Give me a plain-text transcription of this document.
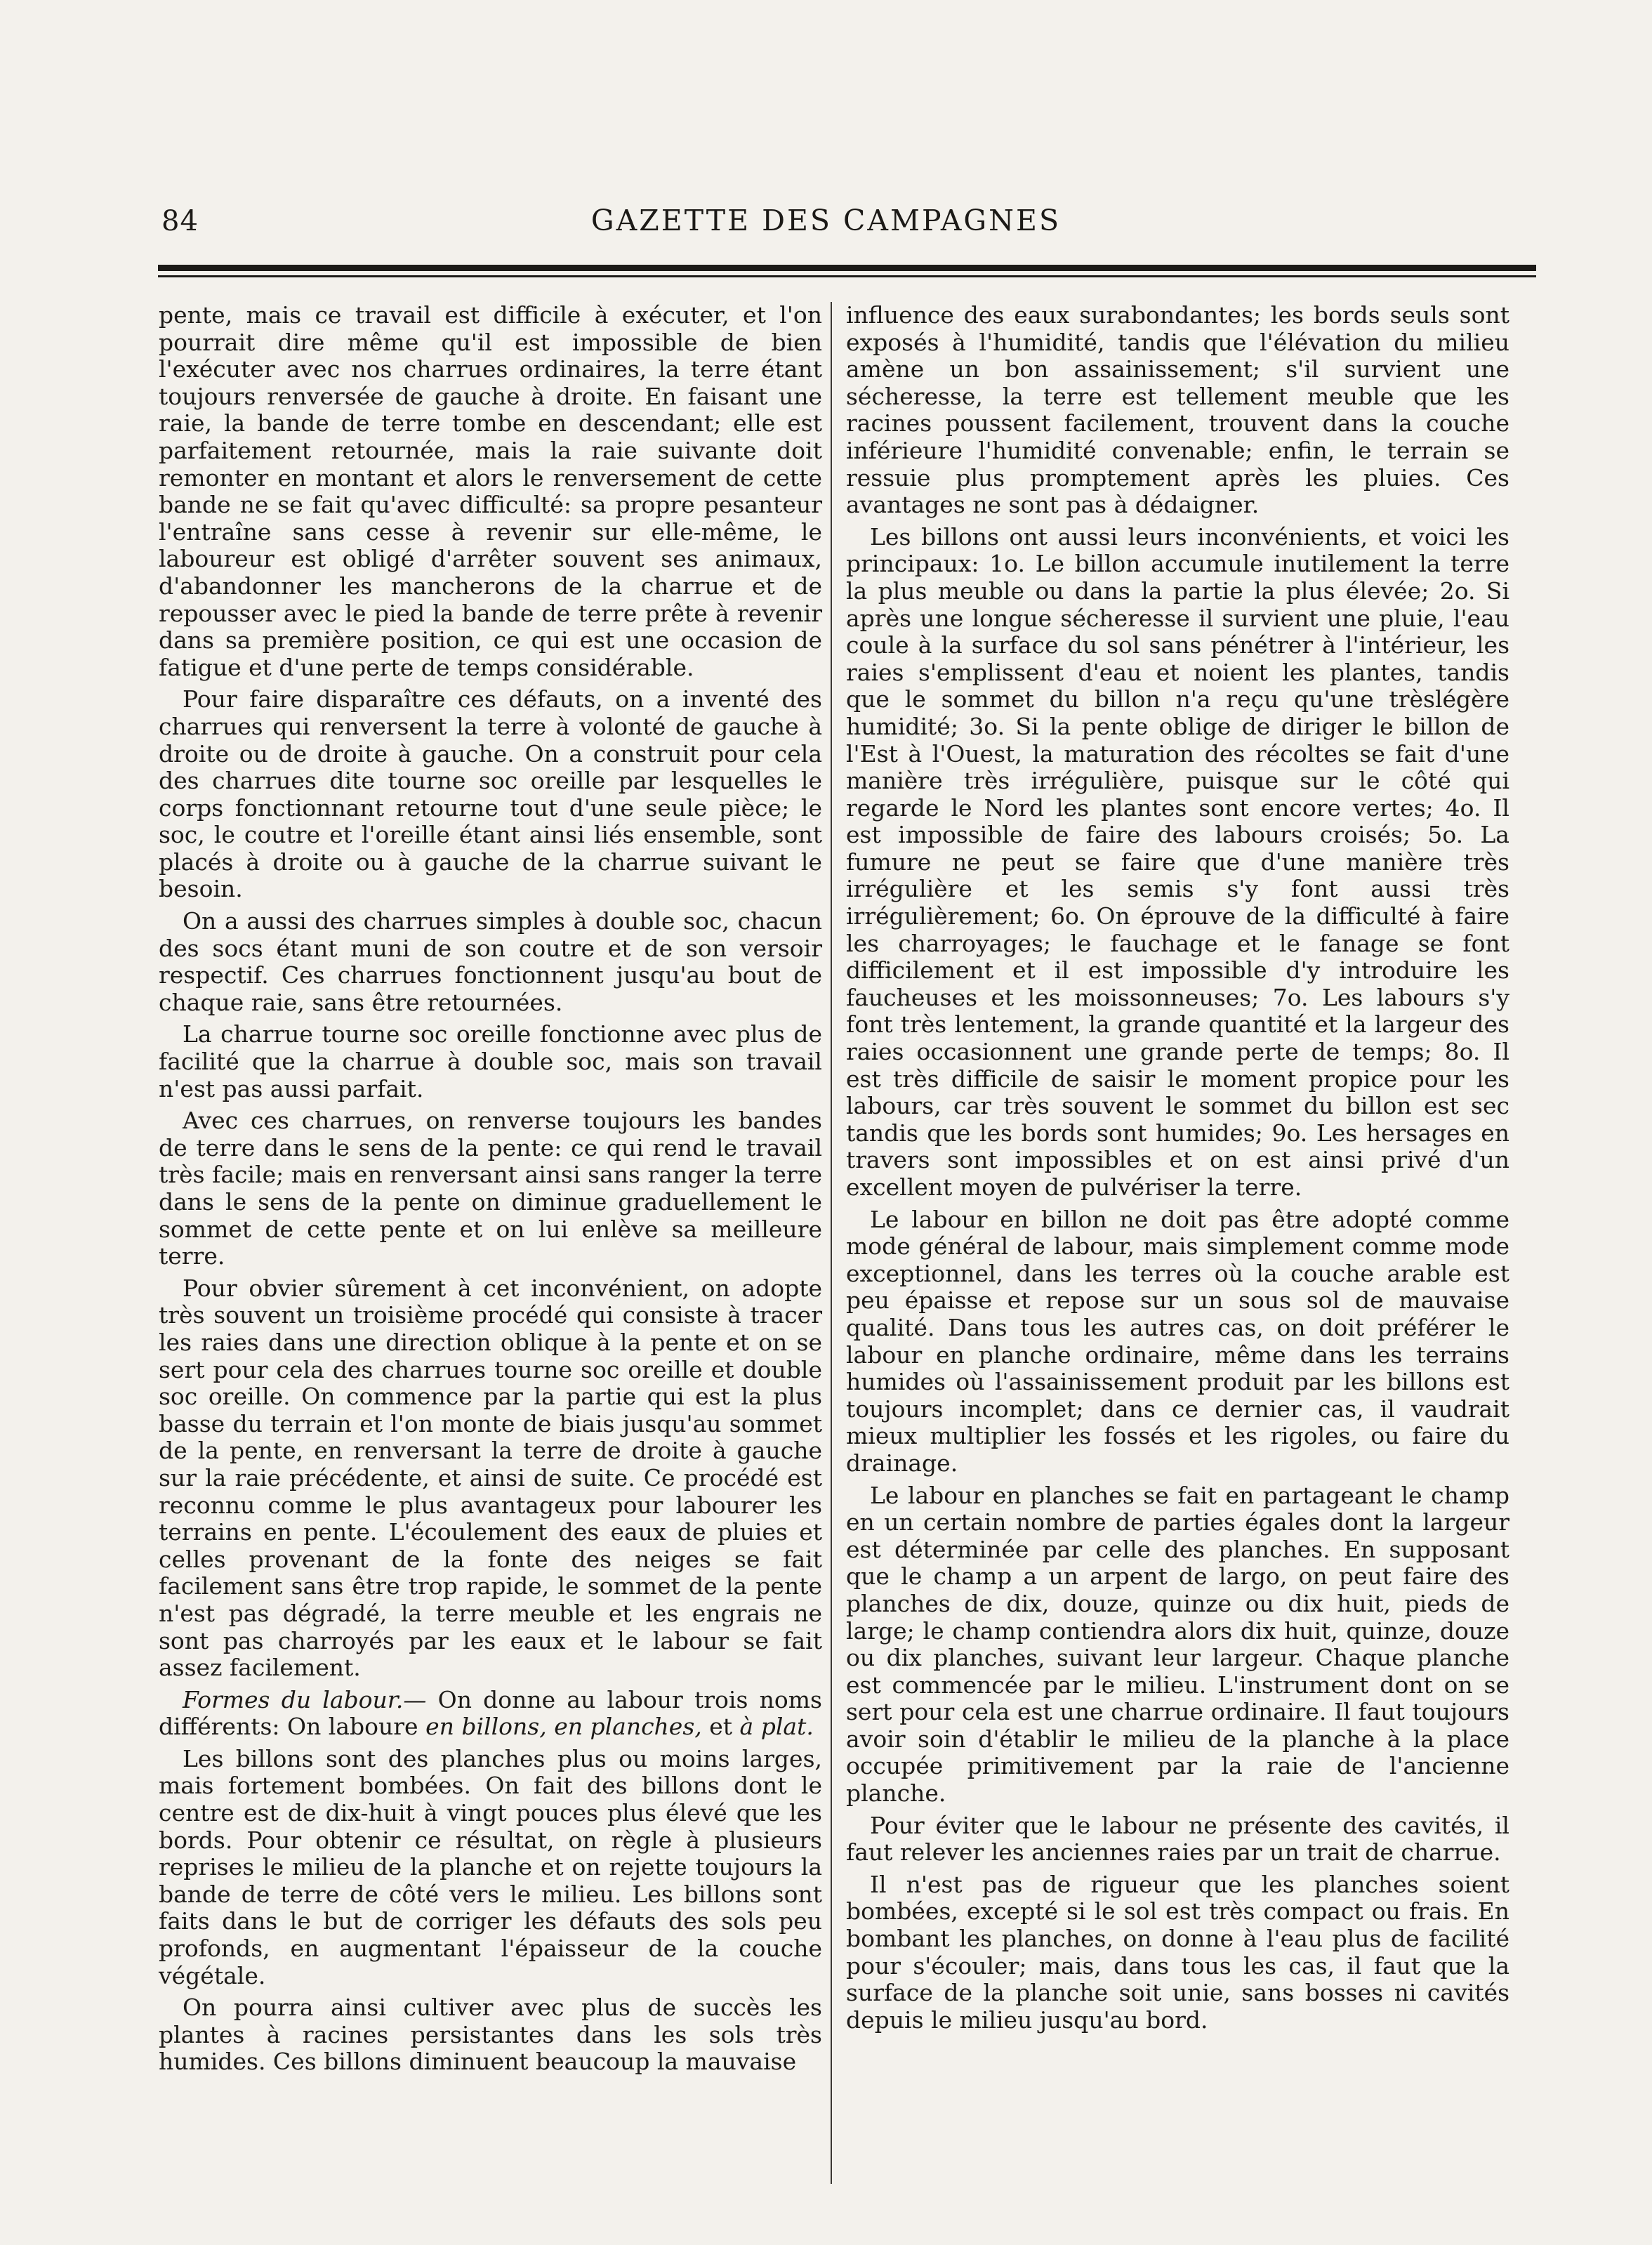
84	GAZETTE DES CAMPAGNES

pente, mais ce travail est difficile à exécuter, et l'on pourrait dire même qu'il est impossible de bien l'exécuter avec nos charrues ordinaires, la terre étant toujours renversée de gauche à droite. En faisant une raie, la bande de terre tombe en descendant; elle est parfaitement retournée, mais la raie suivante doit remonter en montant et alors le renversement de cette bande ne se fait qu'avec difficulté: sa propre pesanteur l'entraîne sans cesse à revenir sur elle-même, le laboureur est obligé d'arrêter souvent ses animaux, d'abandonner les mancherons de la charrue et de repousser avec le pied la bande de terre prête à revenir dans sa première position, ce qui est une occasion de fatigue et d'une perte de temps considérable.

Pour faire disparaître ces défauts, on a inventé des charrues qui renversent la terre à volonté de gauche à droite ou de droite à gauche. On a construit pour cela des charrues dite tourne soc oreille par lesquelles le corps fonctionnant retourne tout d'une seule pièce; le soc, le coutre et l'oreille étant ainsi liés ensemble, sont placés à droite ou à gauche de la charrue suivant le besoin.

On a aussi des charrues simples à double soc, chacun des socs étant muni de son coutre et de son versoir respectif. Ces charrues fonctionnent jusqu'au bout de chaque raie, sans être retournées.

La charrue tourne soc oreille fonctionne avec plus de facilité que la charrue à double soc, mais son travail n'est pas aussi parfait.

Avec ces charrues, on renverse toujours les bandes de terre dans le sens de la pente: ce qui rend le travail très facile; mais en renversant ainsi sans ranger la terre dans le sens de la pente on diminue graduellement le sommet de cette pente et on lui enlève sa meilleure terre.

Pour obvier sûrement à cet inconvénient, on adopte très souvent un troisième procédé qui consiste à tracer les raies dans une direction oblique à la pente et on se sert pour cela des charrues tourne soc oreille et double soc oreille. On commence par la partie qui est la plus basse du terrain et l'on monte de biais jusqu'au sommet de la pente, en renversant la terre de droite à gauche sur la raie précédente, et ainsi de suite. Ce procédé est reconnu comme le plus avantageux pour labourer les terrains en pente. L'écoulement des eaux de pluies et celles provenant de la fonte des neiges se fait facilement sans être trop rapide, le sommet de la pente n'est pas dégradé, la terre meuble et les engrais ne sont pas charroyés par les eaux et le labour se fait assez facilement.

Formes du labour.— On donne au labour trois noms différents: On laboure en billons, en planches, et à plat.

Les billons sont des planches plus ou moins larges, mais fortement bombées. On fait des billons dont le centre est de dix-huit à vingt pouces plus élevé que les bords. Pour obtenir ce résultat, on règle à plusieurs reprises le milieu de la planche et on rejette toujours la bande de terre de côté vers le milieu. Les billons sont faits dans le but de corriger les défauts des sols peu profonds, en augmentant l'épaisseur de la couche végétale.

On pourra ainsi cultiver avec plus de succès les plantes à racines persistantes dans les sols très humides. Ces billons diminuent beaucoup la mauvaise

influence des eaux surabondantes; les bords seuls sont exposés à l'humidité, tandis que l'élévation du milieu amène un bon assainissement; s'il survient une sécheresse, la terre est tellement meuble que les racines poussent facilement, trouvent dans la couche inférieure l'humidité convenable; enfin, le terrain se ressuie plus promptement après les pluies. Ces avantages ne sont pas à dédaigner.

Les billons ont aussi leurs inconvénients, et voici les principaux: 1o. Le billon accumule inutilement la terre la plus meuble ou dans la partie la plus élevée; 2o. Si après une longue sécheresse il survient une pluie, l'eau coule à la surface du sol sans pénétrer à l'intérieur, les raies s'emplissent d'eau et noient les plantes, tandis que le sommet du billon n'a reçu qu'une trèslégère humidité; 3o. Si la pente oblige de diriger le billon de l'Est à l'Ouest, la maturation des récoltes se fait d'une manière très irrégulière, puisque sur le côté qui regarde le Nord les plantes sont encore vertes; 4o. Il est impossible de faire des labours croisés; 5o. La fumure ne peut se faire que d'une manière très irrégulière et les semis s'y font aussi très irrégulièrement; 6o. On éprouve de la difficulté à faire les charroyages; le fauchage et le fanage se font difficilement et il est impossible d'y introduire les faucheuses et les moissonneuses; 7o. Les labours s'y font très lentement, la grande quantité et la largeur des raies occasionnent une grande perte de temps; 8o. Il est très difficile de saisir le moment propice pour les labours, car très souvent le sommet du billon est sec tandis que les bords sont humides; 9o. Les hersages en travers sont impossibles et on est ainsi privé d'un excellent moyen de pulvériser la terre.

Le labour en billon ne doit pas être adopté comme mode général de labour, mais simplement comme mode exceptionnel, dans les terres où la couche arable est peu épaisse et repose sur un sous sol de mauvaise qualité. Dans tous les autres cas, on doit préférer le labour en planche ordinaire, même dans les terrains humides où l'assainissement produit par les billons est toujours incomplet; dans ce dernier cas, il vaudrait mieux multiplier les fossés et les rigoles, ou faire du drainage.

Le labour en planches se fait en partageant le champ en un certain nombre de parties égales dont la largeur est déterminée par celle des planches. En supposant que le champ a un arpent de largo, on peut faire des planches de dix, douze, quinze ou dix huit, pieds de large; le champ contiendra alors dix huit, quinze, douze ou dix planches, suivant leur largeur. Chaque planche est commencée par le milieu. L'instrument dont on se sert pour cela est une charrue ordinaire. Il faut toujours avoir soin d'établir le milieu de la planche à la place occupée primitivement par la raie de l'ancienne planche.

Pour éviter que le labour ne présente des cavités, il faut relever les anciennes raies par un trait de charrue.

Il n'est pas de rigueur que les planches soient bombées, excepté si le sol est très compact ou frais. En bombant les planches, on donne à l'eau plus de facilité pour s'écouler; mais, dans tous les cas, il faut que la surface de la planche soit unie, sans bosses ni cavités depuis le milieu jusqu'au bord.
